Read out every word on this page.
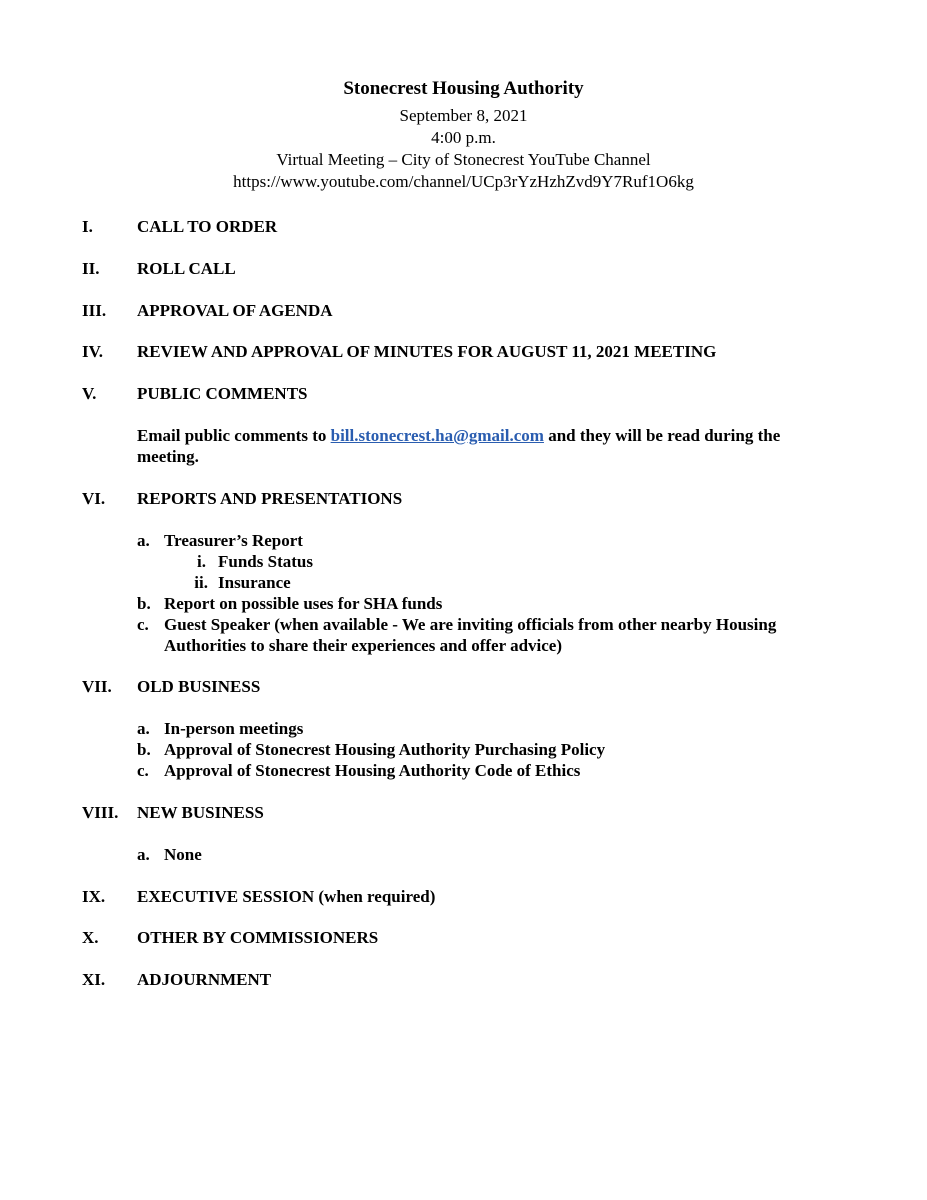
Stonecrest Housing Authority
September 8, 2021
4:00 p.m.
Virtual Meeting – City of Stonecrest YouTube Channel
https://www.youtube.com/channel/UCp3rYzHzhZvd9Y7Ruf1O6kg
I.	CALL TO ORDER
II. ROLL CALL
III. APPROVAL OF AGENDA
IV. REVIEW AND APPROVAL OF MINUTES FOR AUGUST 11, 2021 MEETING
V. PUBLIC COMMENTS
Email public comments to bill.stonecrest.ha@gmail.com and they will be read during the meeting.
VI. REPORTS AND PRESENTATIONS
a. Treasurer’s Report
i. Funds Status
ii. Insurance
b. Report on possible uses for SHA funds
c. Guest Speaker (when available - We are inviting officials from other nearby Housing Authorities to share their experiences and offer advice)
VII. OLD BUSINESS
a. In-person meetings
b. Approval of Stonecrest Housing Authority Purchasing Policy
c. Approval of Stonecrest Housing Authority Code of Ethics
VIII. NEW BUSINESS
a. None
IX. EXECUTIVE SESSION (when required)
X. OTHER BY COMMISSIONERS
XI. ADJOURNMENT
